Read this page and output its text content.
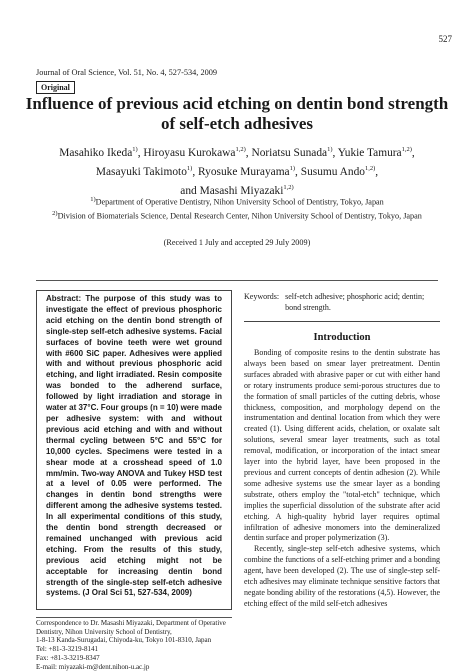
527
Journal of Oral Science, Vol. 51, No. 4, 527-534, 2009
Original
Influence of previous acid etching on dentin bond strength of self-etch adhesives
Masahiko Ikeda$^{1)}$, Hiroyasu Kurokawa$^{1,2)}$, Noriatsu Sunada$^{1)}$, Yukie Tamura$^{1,2)}$,
Masayuki Takimoto$^{1)}$, Ryosuke Murayama$^{1)}$, Susumu Ando$^{1,2)}$,
and Masashi Miyazaki$^{1,2)}$
$^{1)}$Department of Operative Dentistry, Nihon University School of Dentistry, Tokyo, Japan
$^{2)}$Division of Biomaterials Science, Dental Research Center, Nihon University School of Dentistry, Tokyo, Japan
(Received 1 July and accepted 29 July 2009)
Abstract: The purpose of this study was to investigate the effect of previous phosphoric acid etching on the dentin bond strength of single-step self-etch adhesive systems. Facial surfaces of bovine teeth were wet ground with #600 SiC paper. Adhesives were applied with and without previous phosphoric acid etching, and light irradiated. Resin composite was bonded to the adherend surface, followed by light irradiation and storage in water at 37°C. Four groups (n = 10) were made per adhesive system: with and without previous acid etching and with and without thermal cycling between 5°C and 55°C for 10,000 cycles. Specimens were tested in a shear mode at a crosshead speed of 1.0 mm/min. Two-way ANOVA and Tukey HSD test at a level of 0.05 were performed. The changes in dentin bond strengths were different among the adhesive systems tested. In all experimental conditions of this study, the dentin bond strength decreased or remained unchanged with previous acid etching. From the results of this study, previous acid etching might not be acceptable for increasing dentin bond strength of the single-step self-etch adhesive systems. (J Oral Sci 51, 527-534, 2009)
Correspondence to Dr. Masashi Miyazaki, Department of Operative Dentistry, Nihon University School of Dentistry,
1-8-13 Kanda-Surugadai, Chiyoda-ku, Tokyo 101-8310, Japan
Tel: +81-3-3219-8141
Fax: +81-3-3219-8347
E-mail: miyazaki-m@dent.nihon-u.ac.jp
Keywords: self-etch adhesive; phosphoric acid; dentin; bond strength.
Introduction

Bonding of composite resins to the dentin substrate has always been based on smear layer pretreatment. Dentin surfaces abraded with abrasive paper or cut with either hand or rotary instruments produce semi-porous structures due to the formation of small particles of the cutting debris, whose thickness, composition, and morphology depend on the instrumentation and dentinal location from which they were created (1). Using different acids, chelation, or oxalate salt solutions, several smear layer treatments, such as total removal, modification, or incorporation of the intact smear layer into the hybrid layer, have been proposed in the previous and current concepts of dentin adhesion (2). While some adhesive systems use the smear layer as a bonding substrate, others employ the "total-etch" technique, which implies the superficial dissolution of the substrate after acid etching. A high-quality hybrid layer requires optimal infiltration of adhesive monomers into the demineralized dentin surface and proper polymerization (3).

Recently, single-step self-etch adhesive systems, which combine the functions of a self-etching primer and a bonding agent, have been developed (2). The use of single-step self-etch adhesives may eliminate technique sensitive factors that negate bonding ability of the restorations (4,5). However, the etching effect of the mild self-etch adhesives
